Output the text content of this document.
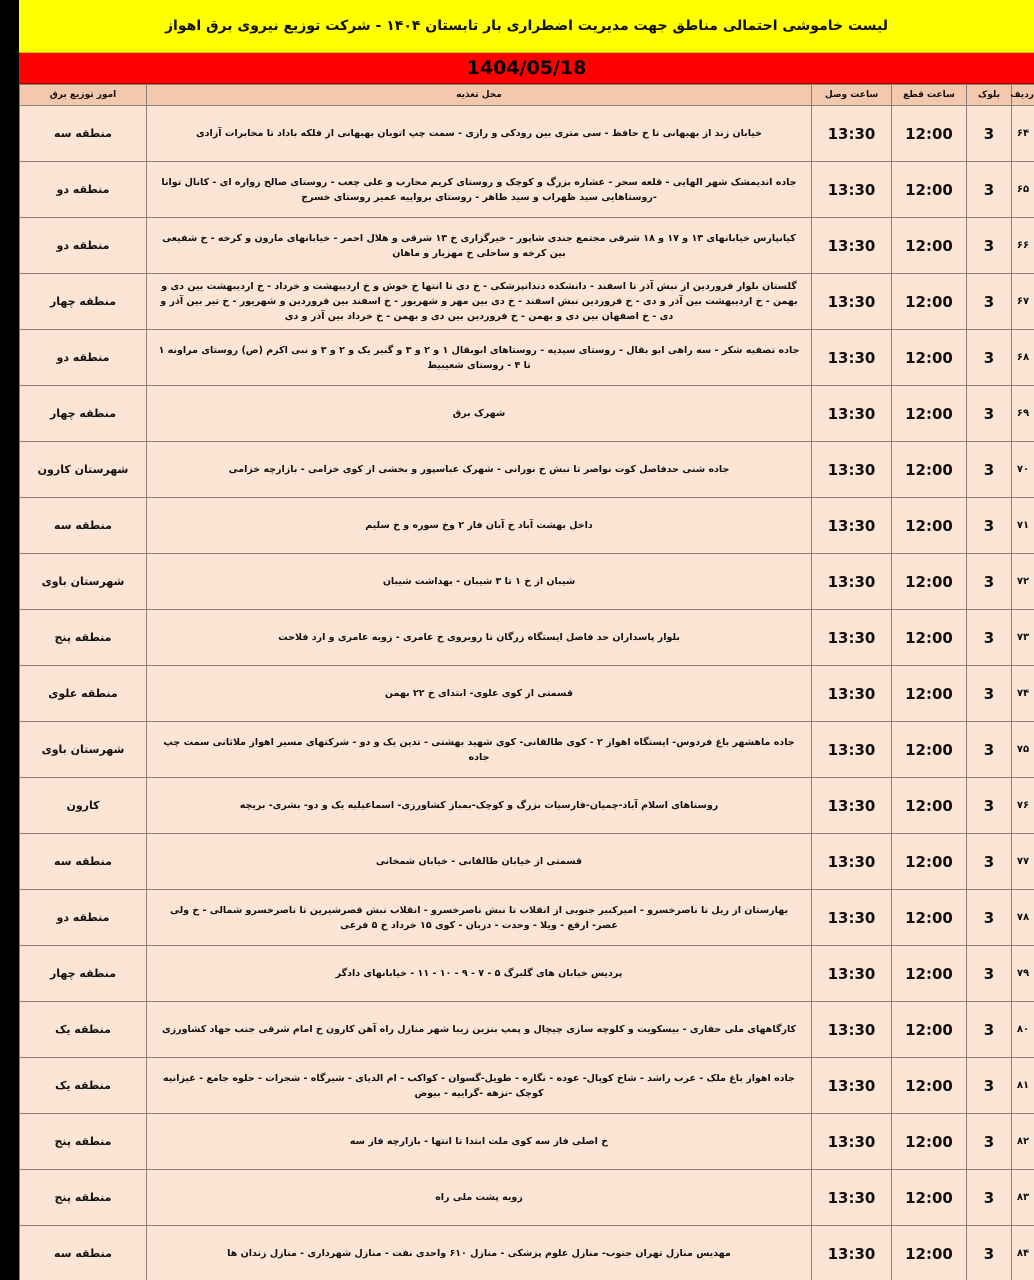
لیست خاموشی احتمالی مناطق جهت مدیریت اضطراری بار تابستان ۱۴۰۴ - شرکت توزیع نیروی برق اهواز
1404/05/18
ردیف	بلوک	ساعت قطع	ساعت وصل	محل تغذیه	امور توزیع برق
۶۴	3	12:00	13:30	خیابان زند از بهبهانی تا خ حافظ - سی متری بین رودکی و رازی - سمت چپ اتوبان بهبهانی از فلکه باداد تا مخابرات آزادی	منطقه سه
۶۵	3	12:00	13:30	جاده اندیمشک شهر الهایی - قلعه سحر - عشاره بزرگ و کوچک و روستای کریم محارب و علی چعب - روستای صالح زواره ای - کانال توانا -روستاهایی سید ظهراب و سید طاهر - روستای برواییه عمیر روستای خسرج	منطقه دو
۶۶	3	12:00	13:30	کیانپارس خیابانهای ۱۳ و ۱۷ و ۱۸ شرقی مجتمع جندی شاپور - خیرگزاری خ ۱۳ شرقی و هلال احمر - خیابانهای مارون و کرخه - خ شفیعی بین کرخه و ساحلی خ مهزیار و ماهان	منطقه دو
۶۷	3	12:00	13:30	گلستان بلوار فروردین از نبش آذر تا اسفند - دانشکده دندانپزشکی - خ دی تا انتها خ خوش و خ اردیبهشت و خرداد - خ اردیبهشت بین دی و بهمن - خ اردیبهشت بین آذر و دی - خ فروردین نبش اسفند - خ دی بین مهر و شهریور - خ اسفند بین فروردین و شهریور - خ تیر بین آذر و دی - خ اصفهان بین دی و بهمن - خ فروردین بین دی و بهمن - خ خرداد بین آذر و دی	منطقه چهار
۶۸	3	12:00	13:30	جاده تصفیه شکر - سه راهی ابو بقال - روستای سیدیه - روستاهای ابوبقال ۱ و ۲ و ۳ و گبیر یک و ۲ و ۳ و نبی اکرم (ص) روستای مراونه ۱ تا ۴ - روستای شعیبیط	منطقه دو
۶۹	3	12:00	13:30	شهرک برق	منطقه چهار
۷۰	3	12:00	13:30	جاده شنی حدفاصل کوت نواصر تا نبش خ نورانی - شهرک عباسپور و بخشی از کوی خزامی - بازارچه خزامی	شهرستان کارون
۷۱	3	12:00	13:30	داخل بهشت آباد خ آبان فاز ۲ وخ سوره و خ سلیم	منطقه سه
۷۲	3	12:00	13:30	شیبان از خ ۱ تا ۳ شیبان - بهداشت شیبان	شهرستان باوی
۷۳	3	12:00	13:30	بلوار پاسداران حد فاصل ایستگاه زرگان تا روبروی خ عامری - زوبه عامری و ارد فلاحت	منطقه پنج
۷۴	3	12:00	13:30	قسمتی از کوی علوی- ابتدای خ ۲۲ بهمن	منطقه علوی
۷۵	3	12:00	13:30	جاده ماهشهر باغ فردوس- ایستگاه اهواز ۲ - کوی طالقانی- کوی شهید بهشتی - تدین یک و دو - شرکتهای مسیر اهواز ملاثانی سمت چپ جاده	شهرستان باوی
۷۶	3	12:00	13:30	روستاهای اسلام آباد-چمیان-فارسیات بزرگ و کوچک-بمباز کشاورزی- اسماعیلیه یک و دو- بشری- بریچه	کارون
۷۷	3	12:00	13:30	قسمتی از خیابان طالقانی - خیابان شمخانی	منطقه سه
۷۸	3	12:00	13:30	بهارستان از ریل تا ناصرخسرو - امیرکبیر جنوبی از انقلاب تا نبش ناصرخسرو - انقلاب نبش قصرشیرین تا ناصرخسرو شمالی - خ ولی عصر- ارفع - ویلا - وحدت - دزبان - کوی ۱۵ خرداد خ ۵ فرعی	منطقه دو
۷۹	3	12:00	13:30	پردیس خیابان های گلبرگ ۵ - ۷ - ۹ - ۱۰ - ۱۱ - خیابانهای دادگر	منطقه چهار
۸۰	3	12:00	13:30	کارگاههای ملی حفاری - بیسکویت و کلوچه سازی چیچال و پمپ بنزین زیبا شهر منازل راه آهن کارون خ امام شرقی جنب جهاد کشاورزی	منطقه یک
۸۱	3	12:00	13:30	جاده اهواز باغ ملک - عرب راشد - شاخ کوپال- عوده - نگازه - طویل-گسوان - کواکب - ام الدیای - شیرگاه - شجرات - حلوه جامع - غیزانیه کوچک -نزهه -گراییه - بیوض	منطقه یک
۸۲	3	12:00	13:30	خ اصلی فاز سه کوی ملت ابتدا تا انتها - بازارچه فاز سه	منطقه پنج
۸۳	3	12:00	13:30	زوبه پشت ملی راه	منطقه پنج
۸۴	3	12:00	13:30	مهدیس منازل تهران جنوب- منازل علوم پزشکی - منازل ۶۱۰ واحدی نفت - منازل شهرداری - منازل زندان ها	منطقه سه
